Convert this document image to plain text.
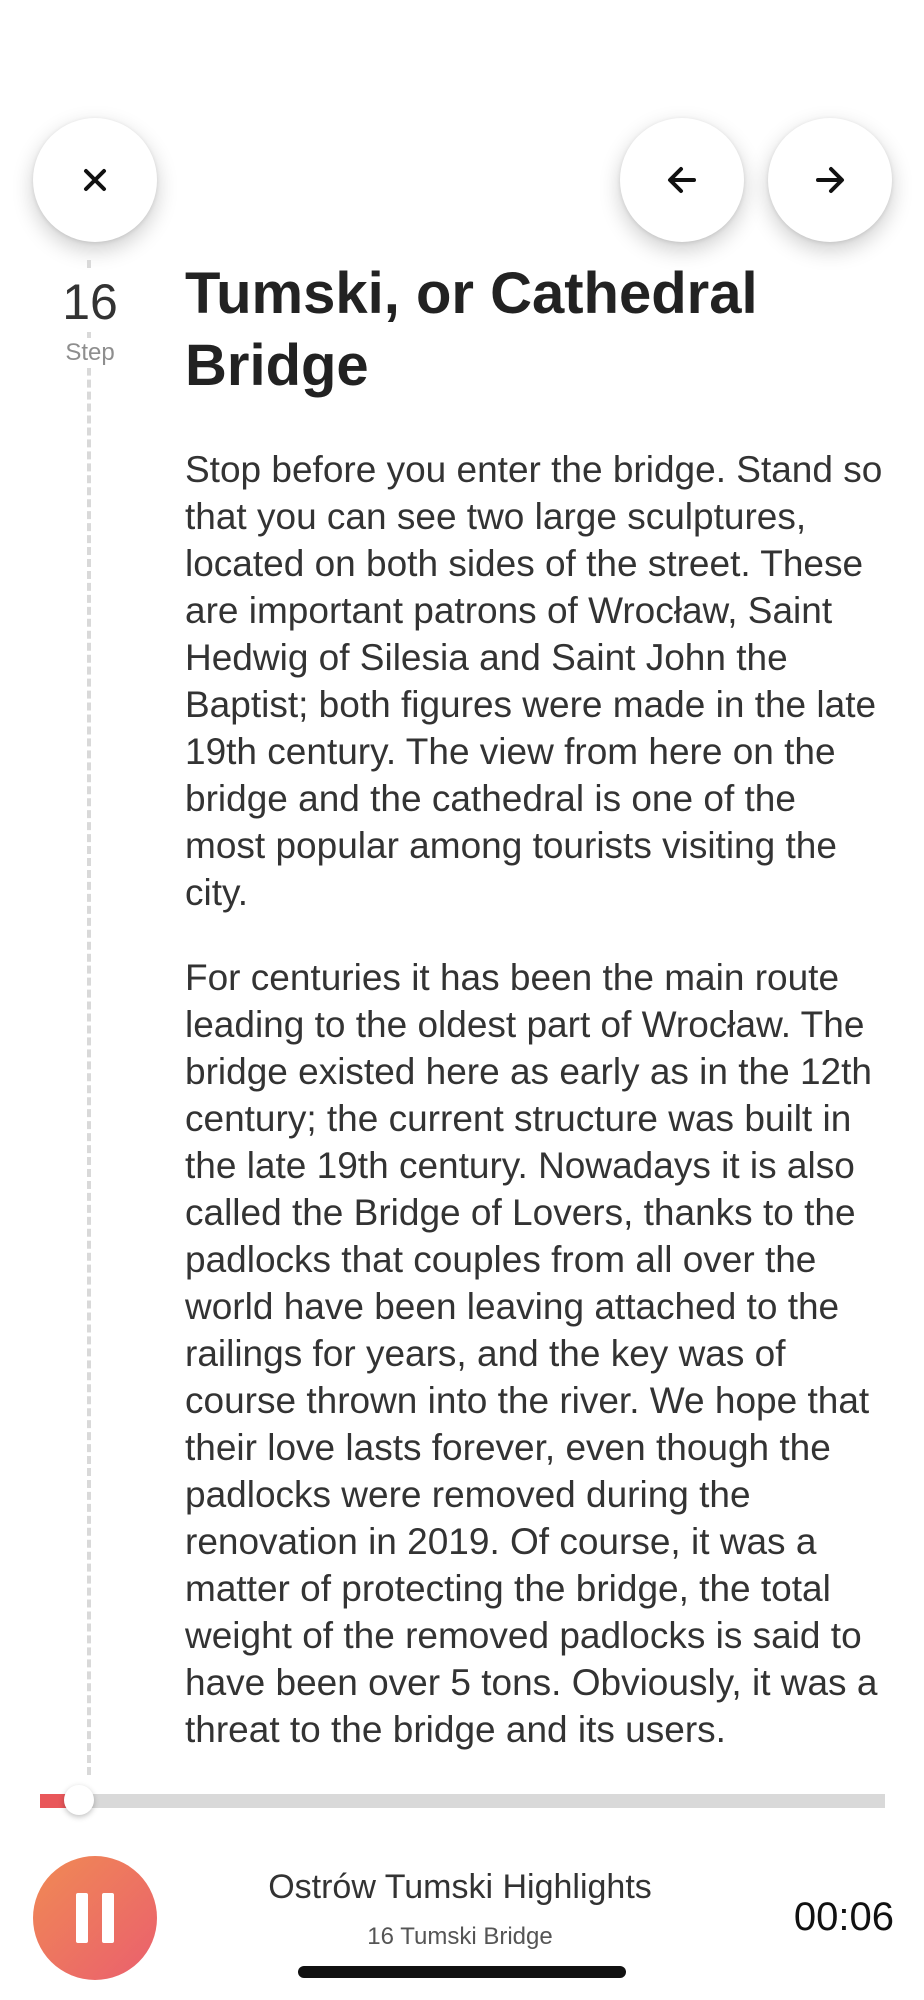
16
Step
Tumski, or Cathedral Bridge

Stop before you enter the bridge. Stand so that you can see two large sculptures, located on both sides of the street. These are important patrons of Wrocław, Saint Hedwig of Silesia and Saint John the Baptist; both figures were made in the late 19th century. The view from here on the bridge and the cathedral is one of the most popular among tourists visiting the city.

For centuries it has been the main route leading to the oldest part of Wrocław. The bridge existed here as early as in the 12th century; the current structure was built in the late 19th century. Nowadays it is also called the Bridge of Lovers, thanks to the padlocks that couples from all over the world have been leaving attached to the railings for years, and the key was of course thrown into the river. We hope that their love lasts forever, even though the padlocks were removed during the renovation in 2019. Of course, it was a matter of protecting the bridge, the total weight of the removed padlocks is said to have been over 5 tons. Obviously, it was a threat to the bridge and its users.

Ostrów Tumski Highlights
16 Tumski Bridge	00:06
